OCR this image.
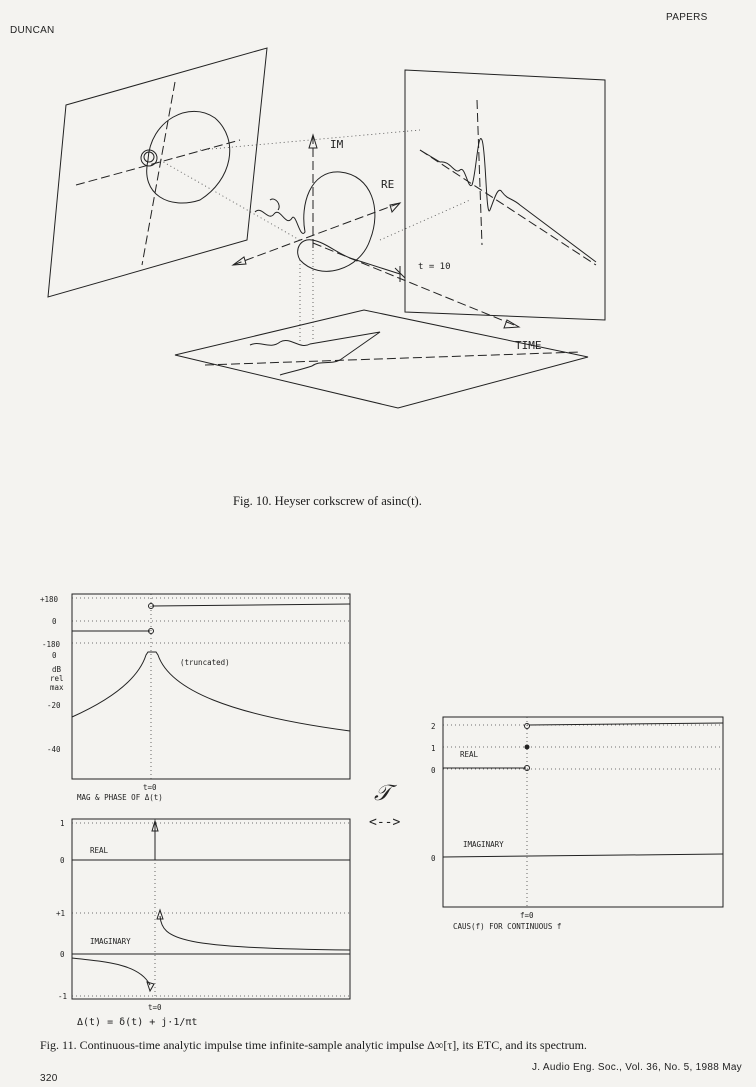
DUNCAN
PAPERS
IM
RE
TIME
t = 10
Fig. 10. Heyser corkscrew of asinc(t).
+180
0
-180
0
dB
rel
max
-20
-40
(truncated)
t=0
MAG & PHASE OF Δ(t)
1
0
+1
0
-1
REAL
IMAGINARY
t=0
Δ(t) = δ(t) + j·1/πt
𝒯
<-->
2
1
0
0
REAL
IMAGINARY
f=0
CAUS(f) FOR CONTINUOUS f
Fig. 11. Continuous-time analytic impulse time infinite-sample analytic impulse Δ∞[τ], its ETC, and its spectrum.
320
J. Audio Eng. Soc., Vol. 36, No. 5, 1988 May
